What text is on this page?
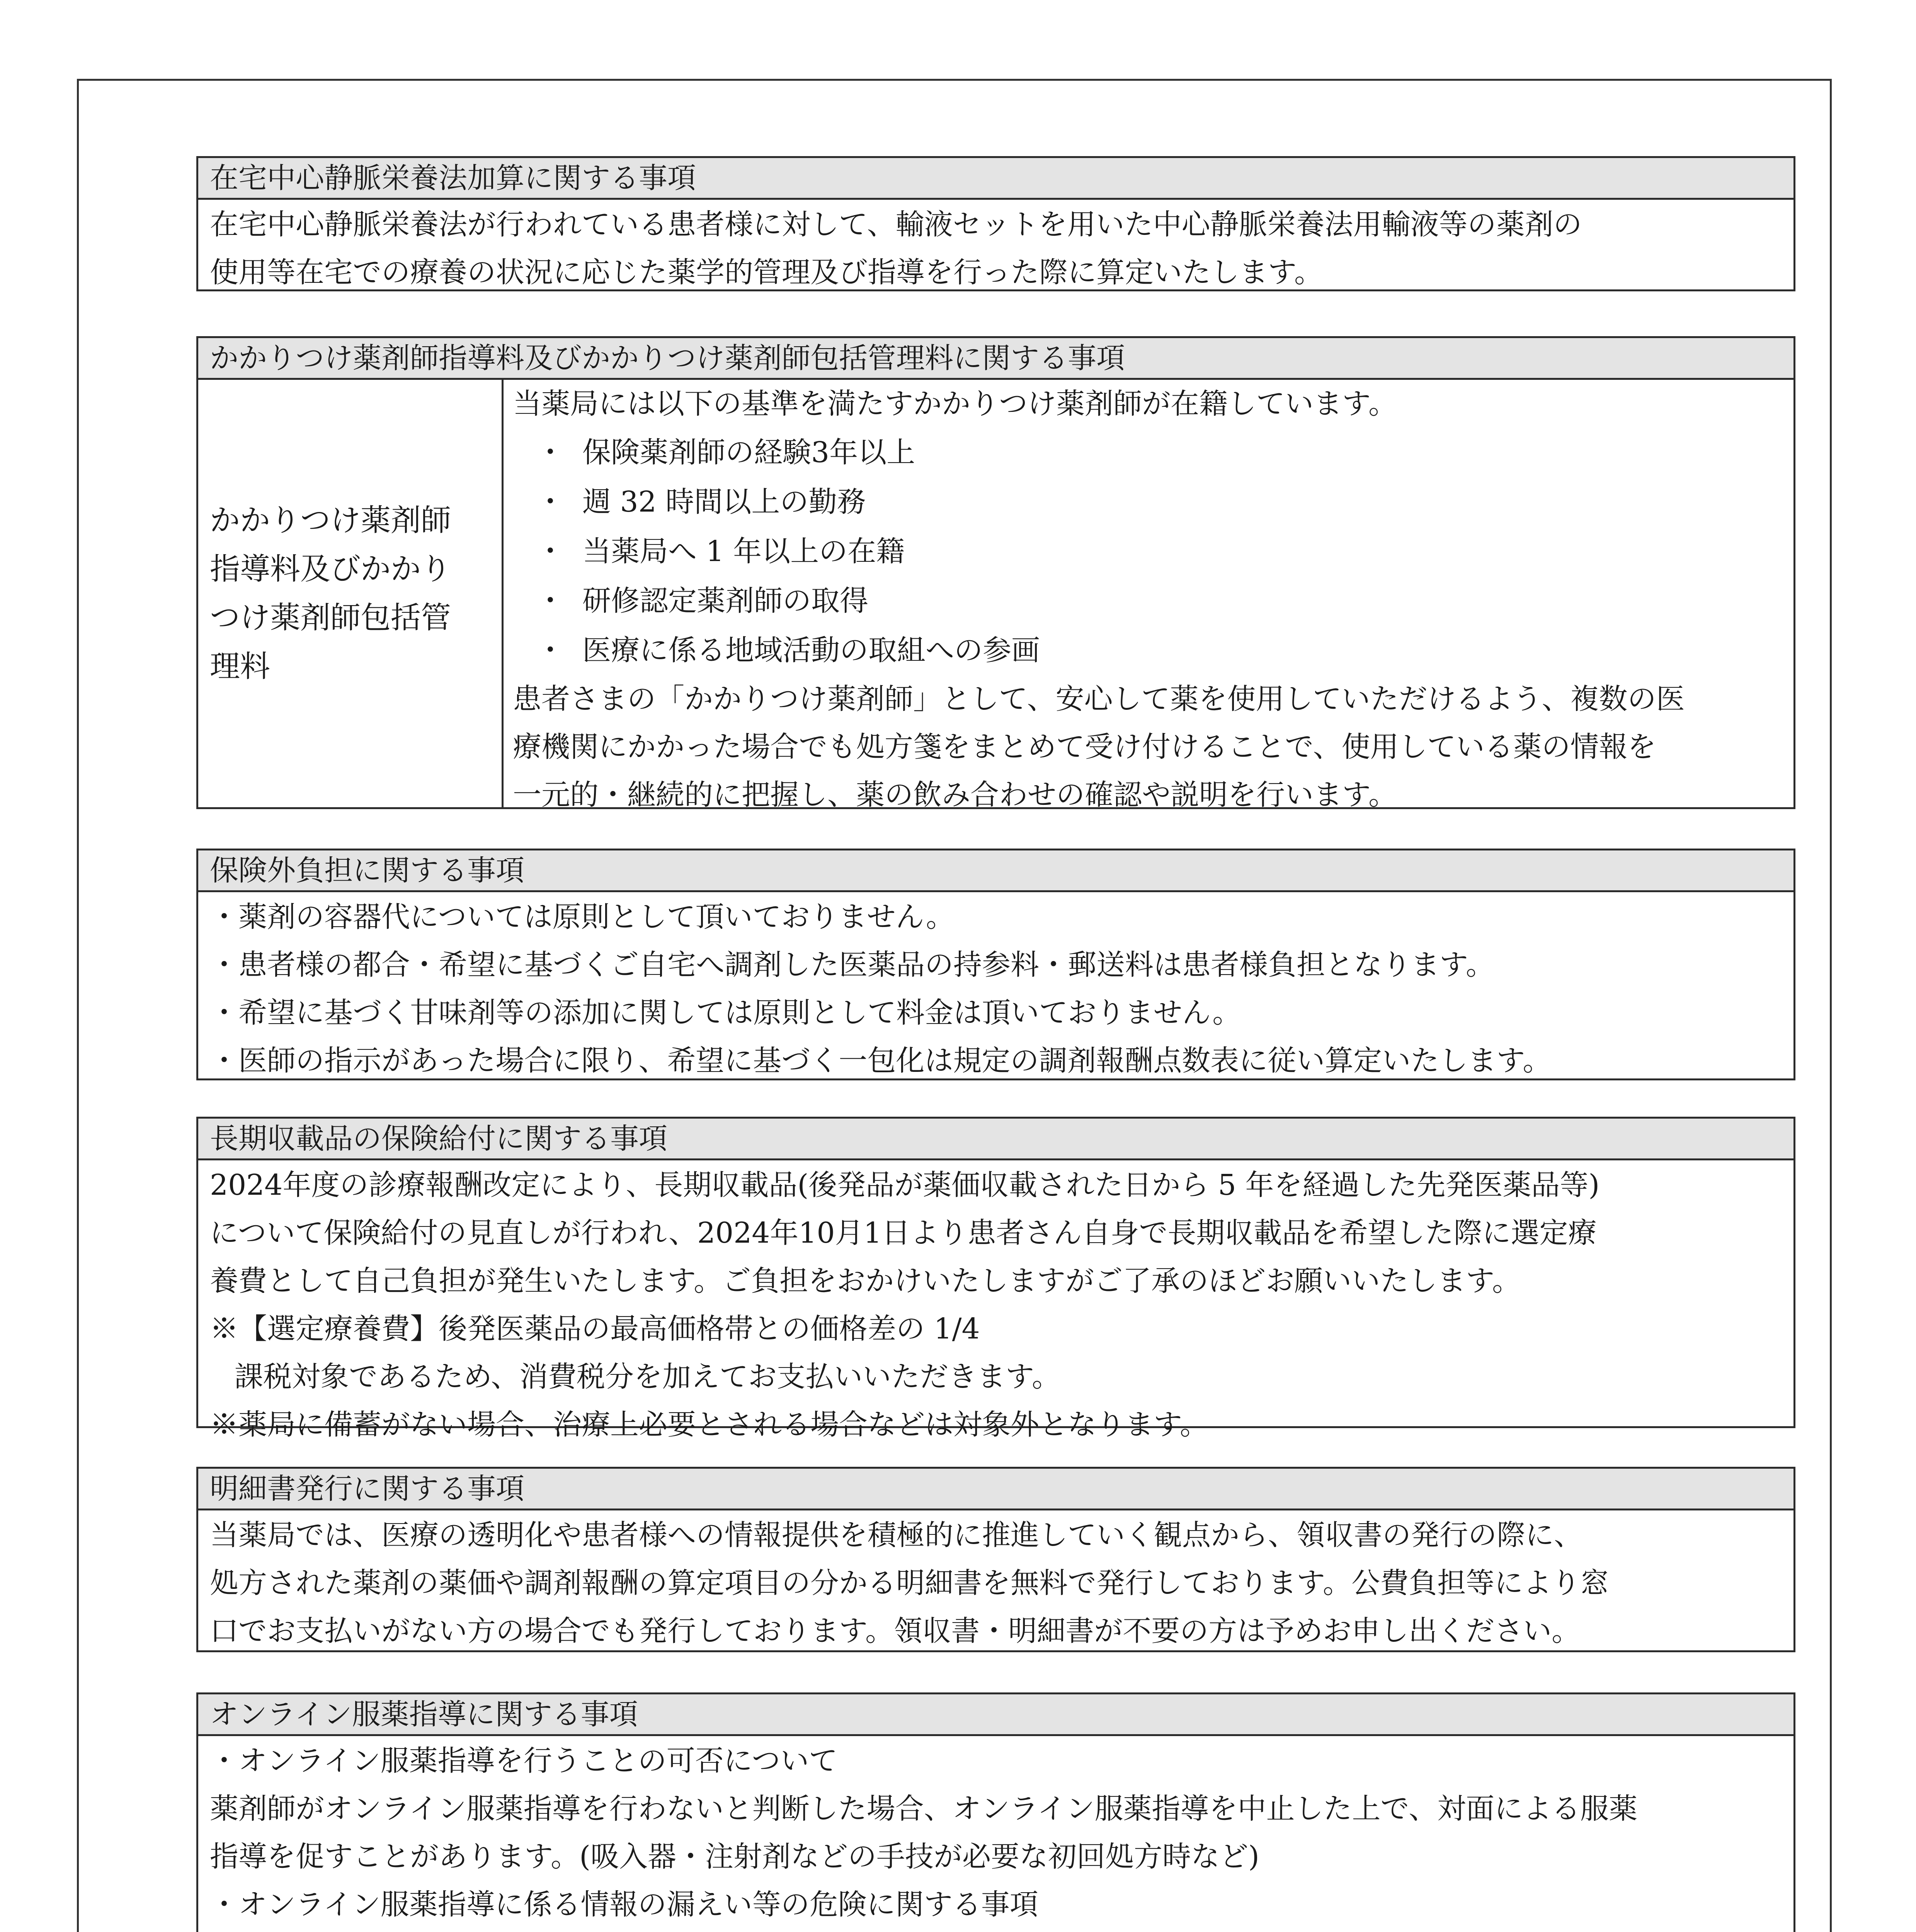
在宅中心静脈栄養法加算に関する事項
在宅中心静脈栄養法が行われている患者様に対して、輸液セットを用いた中心静脈栄養法用輸液等の薬剤の
使用等在宅での療養の状況に応じた薬学的管理及び指導を行った際に算定いたします。
かかりつけ薬剤師指導料及びかかりつけ薬剤師包括管理料に関する事項
かかりつけ薬剤師
指導料及びかかり
つけ薬剤師包括管
理料
当薬局には以下の基準を満たすかかりつけ薬剤師が在籍しています。
・ 保険薬剤師の経験3年以上
・ 週 32 時間以上の勤務
・ 当薬局へ 1 年以上の在籍
・ 研修認定薬剤師の取得
・ 医療に係る地域活動の取組への参画
患者さまの「かかりつけ薬剤師」として、安心して薬を使用していただけるよう、複数の医
療機関にかかった場合でも処方箋をまとめて受け付けることで、使用している薬の情報を
一元的・継続的に把握し、薬の飲み合わせの確認や説明を行います。
保険外負担に関する事項
・薬剤の容器代については原則として頂いておりません。
・患者様の都合・希望に基づくご自宅へ調剤した医薬品の持参料・郵送料は患者様負担となります。
・希望に基づく甘味剤等の添加に関しては原則として料金は頂いておりません。
・医師の指示があった場合に限り、希望に基づく一包化は規定の調剤報酬点数表に従い算定いたします。
長期収載品の保険給付に関する事項
2024年度の診療報酬改定により、長期収載品(後発品が薬価収載された日から 5 年を経過した先発医薬品等)
について保険給付の見直しが行われ、2024年10月1日より患者さん自身で長期収載品を希望した際に選定療
養費として自己負担が発生いたします。ご負担をおかけいたしますがご了承のほどお願いいたします。
※【選定療養費】後発医薬品の最高価格帯との価格差の 1/4
課税対象であるため、消費税分を加えてお支払いいただきます。
※薬局に備蓄がない場合、治療上必要とされる場合などは対象外となります。
明細書発行に関する事項
当薬局では、医療の透明化や患者様への情報提供を積極的に推進していく観点から、領収書の発行の際に、
処方された薬剤の薬価や調剤報酬の算定項目の分かる明細書を無料で発行しております。公費負担等により窓
口でお支払いがない方の場合でも発行しております。領収書・明細書が不要の方は予めお申し出ください。
オンライン服薬指導に関する事項
・オンライン服薬指導を行うことの可否について
薬剤師がオンライン服薬指導を行わないと判断した場合、オンライン服薬指導を中止した上で、対面による服薬
指導を促すことがあります。(吸入器・注射剤などの手技が必要な初回処方時など)
・オンライン服薬指導に係る情報の漏えい等の危険に関する事項
